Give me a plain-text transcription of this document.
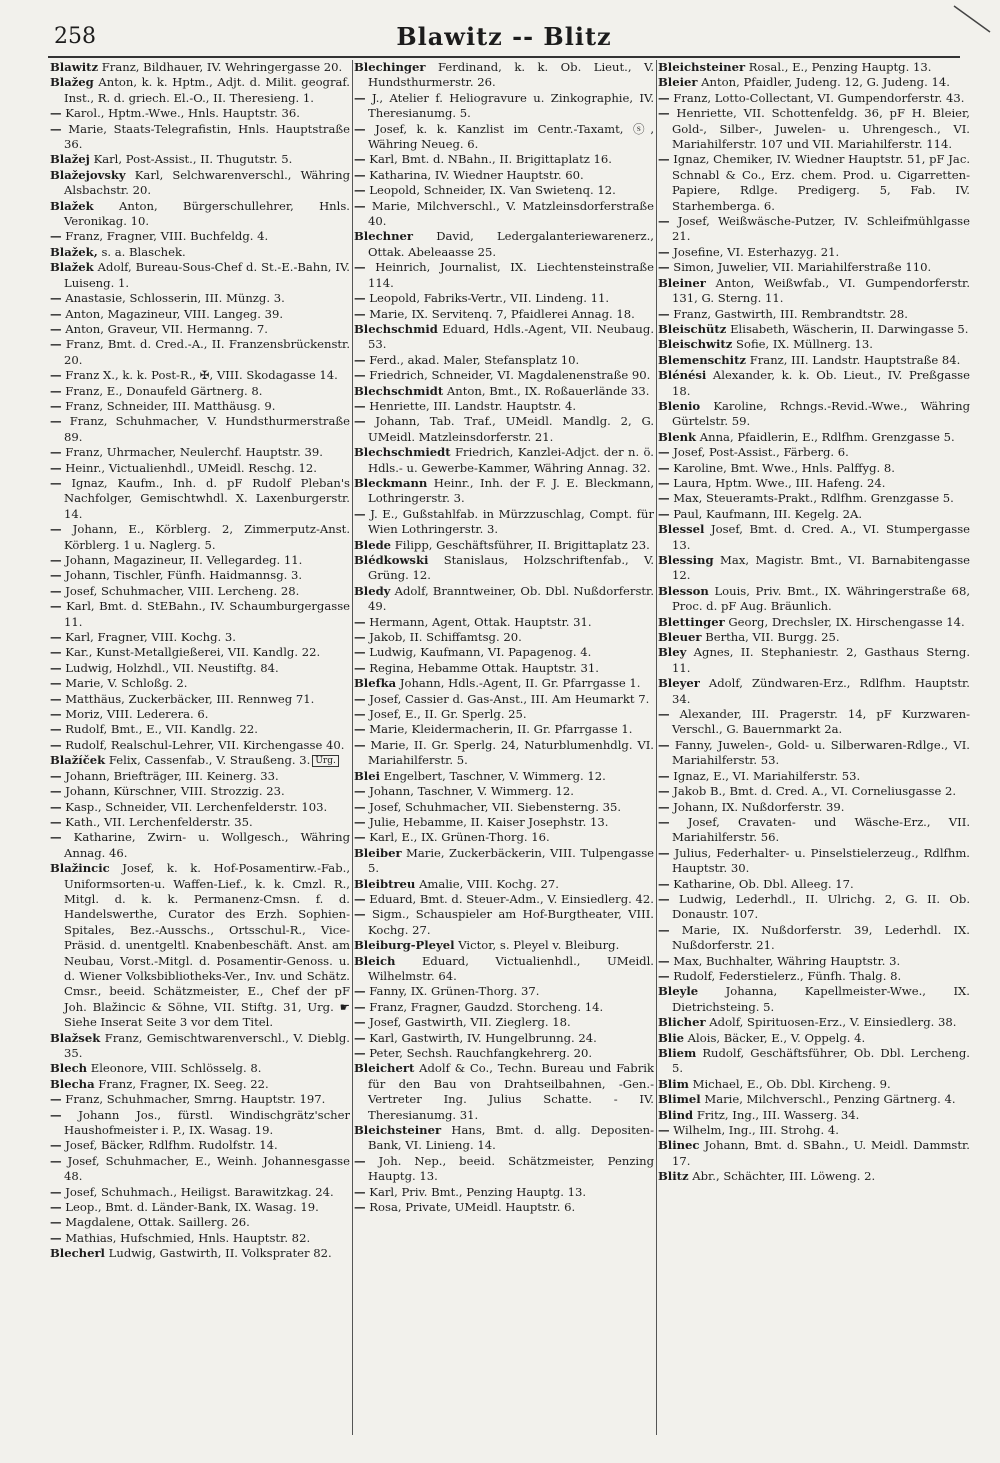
258	Blawitz -- Blitz

Blawitz Franz, Bildhauer, IV. Wehringergasse 20.

Blažeg Anton, k. k. Hptm., Adjt. d. Milit. geograf. Inst., R. d. griech. El.-O., II. Theresieng. 1.

— Karol., Hptm.-Wwe., Hnls. Hauptstr. 36.

— Marie, Staats-Telegrafistin, Hnls. Hauptstraße 36.

Blažej Karl, Post-Assist., II. Thugutstr. 5.

Blažejovsky Karl, Selchwarenverschl., Währing Alsbachstr. 20.

Blažek Anton, Bürgerschullehrer, Hnls. Veronikag. 10.

— Franz, Fragner, VIII. Buchfeldg. 4.

Blažek, s. a. Blaschek.

Blažek Adolf, Bureau-Sous-Chef d. St.-E.-Bahn, IV. Luiseng. 1.

— Anastasie, Schlosserin, III. Münzg. 3.

— Anton, Magazineur, VIII. Langeg. 39.

— Anton, Graveur, VII. Hermanng. 7.

— Franz, Bmt. d. Cred.-A., II. Franzensbrückenstr. 20.

— Franz X., k. k. Post-R., ✠, VIII. Skodagasse 14.

— Franz, E., Donaufeld Gärtnerg. 8.

— Franz, Schneider, III. Matthäusg. 9.

— Franz, Schuhmacher, V. Hundsthurmerstraße 89.

— Franz, Uhrmacher, Neulerchf. Hauptstr. 39.

— Heinr., Victualienhdl., UMeidl. Reschg. 12.

— Ignaz, Kaufm., Inh. d. pF Rudolf Pleban's Nachfolger, Gemischtwhdl. X. Laxenburgerstr. 14.

— Johann, E., Körblerg. 2, Zimmerputz-Anst. Körblerg. 1 u. Naglerg. 5.

— Johann, Magazineur, II. Vellegardeg. 11.

— Johann, Tischler, Fünfh. Haidmannsg. 3.

— Josef, Schuhmacher, VIII. Lercheng. 28.

— Karl, Bmt. d. StEBahn., IV. Schaumburgergasse 11.

— Karl, Fragner, VIII. Kochg. 3.

— Kar., Kunst-Metallgießerei, VII. Kandlg. 22.

— Ludwig, Holzhdl., VII. Neustiftg. 84.

— Marie, V. Schloßg. 2.

— Matthäus, Zuckerbäcker, III. Rennweg 71.

— Moriz, VIII. Lederera. 6.

— Rudolf, Bmt., E., VII. Kandlg. 22.

— Rudolf, Realschul-Lehrer, VII. Kirchengasse 40.

Blažíček Felix, Cassenfab., V. Straußeng. 3. Urg.

— Johann, Briefträger, III. Keinerg. 33.

— Johann, Kürschner, VIII. Strozzig. 23.

— Kasp., Schneider, VII. Lerchenfelderstr. 103.

— Kath., VII. Lerchenfelderstr. 35.

— Katharine, Zwirn- u. Wollgesch., Währing Annag. 46.

Blažincic Josef, k. k. Hof-Posamentirw.-Fab., Uniformsorten-u. Waffen-Lief., k. k. Cmzl. R., Mitgl. d. k. k. Permanenz-Cmsn. f. d. Handelswerthe, Curator des Erzh. Sophien-Spitales, Bez.-Ausschs., Ortsschul-R., Vice-Präsid. d. unentgeltl. Knabenbeschäft. Anst. am Neubau, Vorst.-Mitgl. d. Posamentir-Genoss. u. d. Wiener Volksbibliotheks-Ver., Inv. und Schätz. Cmsr., beeid. Schätzmeister, E., Chef der pF Joh. Blažincic & Söhne, VII. Stiftg. 31, Urg. ☛ Siehe Inserat Seite 3 vor dem Titel.

Blažsek Franz, Gemischtwarenverschl., V. Dieblg. 35.

Blech Eleonore, VIII. Schlösselg. 8.

Blecha Franz, Fragner, IX. Seeg. 22.

— Franz, Schuhmacher, Smrng. Hauptstr. 197.

— Johann Jos., fürstl. Windischgrätz'scher Haushofmeister i. P., IX. Wasag. 19.

— Josef, Bäcker, Rdlfhm. Rudolfstr. 14.

— Josef, Schuhmacher, E., Weinh. Johannesgasse 48.

— Josef, Schuhmach., Heiligst. Barawitzkag. 24.

— Leop., Bmt. d. Länder-Bank, IX. Wasag. 19.

— Magdalene, Ottak. Saillerg. 26.

— Mathias, Hufschmied, Hnls. Hauptstr. 82.

Blecherl Ludwig, Gastwirth, II. Volksprater 82.

Blechinger Ferdinand, k. k. Ob. Lieut., V. Hundsthurmerstr. 26.

— J., Atelier f. Heliogravure u. Zinkographie, IV. Theresianumg. 5.

— Josef, k. k. Kanzlist im Centr.-Taxamt, ⓢ, Währing Neueg. 6.

— Karl, Bmt. d. NBahn., II. Brigittaplatz 16.

— Katharina, IV. Wiedner Hauptstr. 60.

— Leopold, Schneider, IX. Van Swietenq. 12.

— Marie, Milchverschl., V. Matzleinsdorferstraße 40.

Blechner David, Ledergalanteriewarenerz., Ottak. Abeleaasse 25.

— Heinrich, Journalist, IX. Liechtensteinstraße 114.

— Leopold, Fabriks-Vertr., VII. Lindeng. 11.

— Marie, IX. Servitenq. 7, Pfaidlerei Annag. 18.

Blechschmid Eduard, Hdls.-Agent, VII. Neubaug. 53.

— Ferd., akad. Maler, Stefansplatz 10.

— Friedrich, Schneider, VI. Magdalenenstraße 90.

Blechschmidt Anton, Bmt., IX. Roßauerlände 33.

— Henriette, III. Landstr. Hauptstr. 4.

— Johann, Tab. Traf., UMeidl. Mandlg. 2, G. UMeidl. Matzleinsdorferstr. 21.

Blechschmiedt Friedrich, Kanzlei-Adjct. der n. ö. Hdls.- u. Gewerbe-Kammer, Währing Annag. 32.

Bleckmann Heinr., Inh. der F. J. E. Bleckmann, Lothringerstr. 3.

— J. E., Gußstahlfab. in Mürzzuschlag, Compt. für Wien Lothringerstr. 3.

Blede Filipp, Geschäftsführer, II. Brigittaplatz 23.

Blédkowski Stanislaus, Holzschriftenfab., V. Grüng. 12.

Bledy Adolf, Branntweiner, Ob. Dbl. Nußdorferstr. 49.

— Hermann, Agent, Ottak. Hauptstr. 31.

— Jakob, II. Schiffamtsg. 20.

— Ludwig, Kaufmann, VI. Papagenog. 4.

— Regina, Hebamme Ottak. Hauptstr. 31.

Blefka Johann, Hdls.-Agent, II. Gr. Pfarrgasse 1.

— Josef, Cassier d. Gas-Anst., III. Am Heumarkt 7.

— Josef, E., II. Gr. Sperlg. 25.

— Marie, Kleidermacherin, II. Gr. Pfarrgasse 1.

— Marie, II. Gr. Sperlg. 24, Naturblumenhdlg. VI. Mariahilferstr. 5.

Blei Engelbert, Taschner, V. Wimmerg. 12.

— Johann, Taschner, V. Wimmerg. 12.

— Josef, Schuhmacher, VII. Siebensterng. 35.

— Julie, Hebamme, II. Kaiser Josephstr. 13.

— Karl, E., IX. Grünen-Thorg. 16.

Bleiber Marie, Zuckerbäckerin, VIII. Tulpengasse 5.

Bleibtreu Amalie, VIII. Kochg. 27.

— Eduard, Bmt. d. Steuer-Adm., V. Einsiedlerg. 42.

— Sigm., Schauspieler am Hof-Burgtheater, VIII. Kochg. 27.

Bleiburg-Pleyel Victor, s. Pleyel v. Bleiburg.

Bleich Eduard, Victualienhdl., UMeidl. Wilhelmstr. 64.

— Fanny, IX. Grünen-Thorg. 37.

— Franz, Fragner, Gaudzd. Storcheng. 14.

— Josef, Gastwirth, VII. Zieglerg. 18.

— Karl, Gastwirth, IV. Hungelbrunng. 24.

— Peter, Sechsh. Rauchfangkehrerg. 20.

Bleichert Adolf & Co., Techn. Bureau und Fabrik für den Bau von Drahtseilbahnen, -Gen.-Vertreter Ing. Julius Schatte. - IV. Theresianumg. 31.

Bleichsteiner Hans, Bmt. d. allg. Depositen-Bank, VI. Linieng. 14.

— Joh. Nep., beeid. Schätzmeister, Penzing Hauptg. 13.

— Karl, Priv. Bmt., Penzing Hauptg. 13.

— Rosa, Private, UMeidl. Hauptstr. 6.

Bleichsteiner Rosal., E., Penzing Hauptg. 13.

Bleier Anton, Pfaidler, Judeng. 12, G. Judeng. 14.

— Franz, Lotto-Collectant, VI. Gumpendorferstr. 43.

— Henriette, VII. Schottenfeldg. 36, pF H. Bleier, Gold-, Silber-, Juwelen- u. Uhrengesch., VI. Mariahilferstr. 107 und VII. Mariahilferstr. 114.

— Ignaz, Chemiker, IV. Wiedner Hauptstr. 51, pF Jac. Schnabl & Co., Erz. chem. Prod. u. Cigarretten-Papiere, Rdlge. Predigerg. 5, Fab. IV. Starhemberga. 6.

— Josef, Weißwäsche-Putzer, IV. Schleifmühlgasse 21.

— Josefine, VI. Esterhazyg. 21.

— Simon, Juwelier, VII. Mariahilferstraße 110.

Bleiner Anton, Weißwfab., VI. Gumpendorferstr. 131, G. Sterng. 11.

— Franz, Gastwirth, III. Rembrandtstr. 28.

Bleischütz Elisabeth, Wäscherin, II. Darwingasse 5.

Bleischwitz Sofie, IX. Müllnerg. 13.

Blemenschitz Franz, III. Landstr. Hauptstraße 84.

Blénési Alexander, k. k. Ob. Lieut., IV. Preßgasse 18.

Blenio Karoline, Rchngs.-Revid.-Wwe., Währing Gürtelstr. 59.

Blenk Anna, Pfaidlerin, E., Rdlfhm. Grenzgasse 5.

— Josef, Post-Assist., Färberg. 6.

— Karoline, Bmt. Wwe., Hnls. Palffyg. 8.

— Laura, Hptm. Wwe., III. Hafeng. 24.

— Max, Steueramts-Prakt., Rdlfhm. Grenzgasse 5.

— Paul, Kaufmann, III. Kegelg. 2A.

Blessel Josef, Bmt. d. Cred. A., VI. Stumpergasse 13.

Blessing Max, Magistr. Bmt., VI. Barnabitengasse 12.

Blesson Louis, Priv. Bmt., IX. Währingerstraße 68, Proc. d. pF Aug. Bräunlich.

Blettinger Georg, Drechsler, IX. Hirschengasse 14.

Bleuer Bertha, VII. Burgg. 25.

Bley Agnes, II. Stephaniestr. 2, Gasthaus Sterng. 11.

Bleyer Adolf, Zündwaren-Erz., Rdlfhm. Hauptstr. 34.

— Alexander, III. Pragerstr. 14, pF Kurzwaren-Verschl., G. Bauernmarkt 2a.

— Fanny, Juwelen-, Gold- u. Silberwaren-Rdlge., VI. Mariahilferstr. 53.

— Ignaz, E., VI. Mariahilferstr. 53.

— Jakob B., Bmt. d. Cred. A., VI. Corneliusgasse 2.

— Johann, IX. Nußdorferstr. 39.

— Josef, Cravaten- und Wäsche-Erz., VII. Mariahilferstr. 56.

— Julius, Federhalter- u. Pinselstielerzeug., Rdlfhm. Hauptstr. 30.

— Katharine, Ob. Dbl. Alleeg. 17.

— Ludwig, Lederhdl., II. Ulrichg. 2, G. II. Ob. Donaustr. 107.

— Marie, IX. Nußdorferstr. 39, Lederhdl. IX. Nußdorferstr. 21.

— Max, Buchhalter, Währing Hauptstr. 3.

— Rudolf, Federstielerz., Fünfh. Thalg. 8.

Bleyle Johanna, Kapellmeister-Wwe., IX. Dietrichsteing. 5.

Blicher Adolf, Spirituosen-Erz., V. Einsiedlerg. 38.

Blie Alois, Bäcker, E., V. Oppelg. 4.

Bliem Rudolf, Geschäftsführer, Ob. Dbl. Lercheng. 5.

Blim Michael, E., Ob. Dbl. Kircheng. 9.

Blimel Marie, Milchverschl., Penzing Gärtnerg. 4.

Blind Fritz, Ing., III. Wasserg. 34.

— Wilhelm, Ing., III. Strohg. 4.

Blinec Johann, Bmt. d. SBahn., U. Meidl. Dammstr. 17.

Blitz Abr., Schächter, III. Löweng. 2.
